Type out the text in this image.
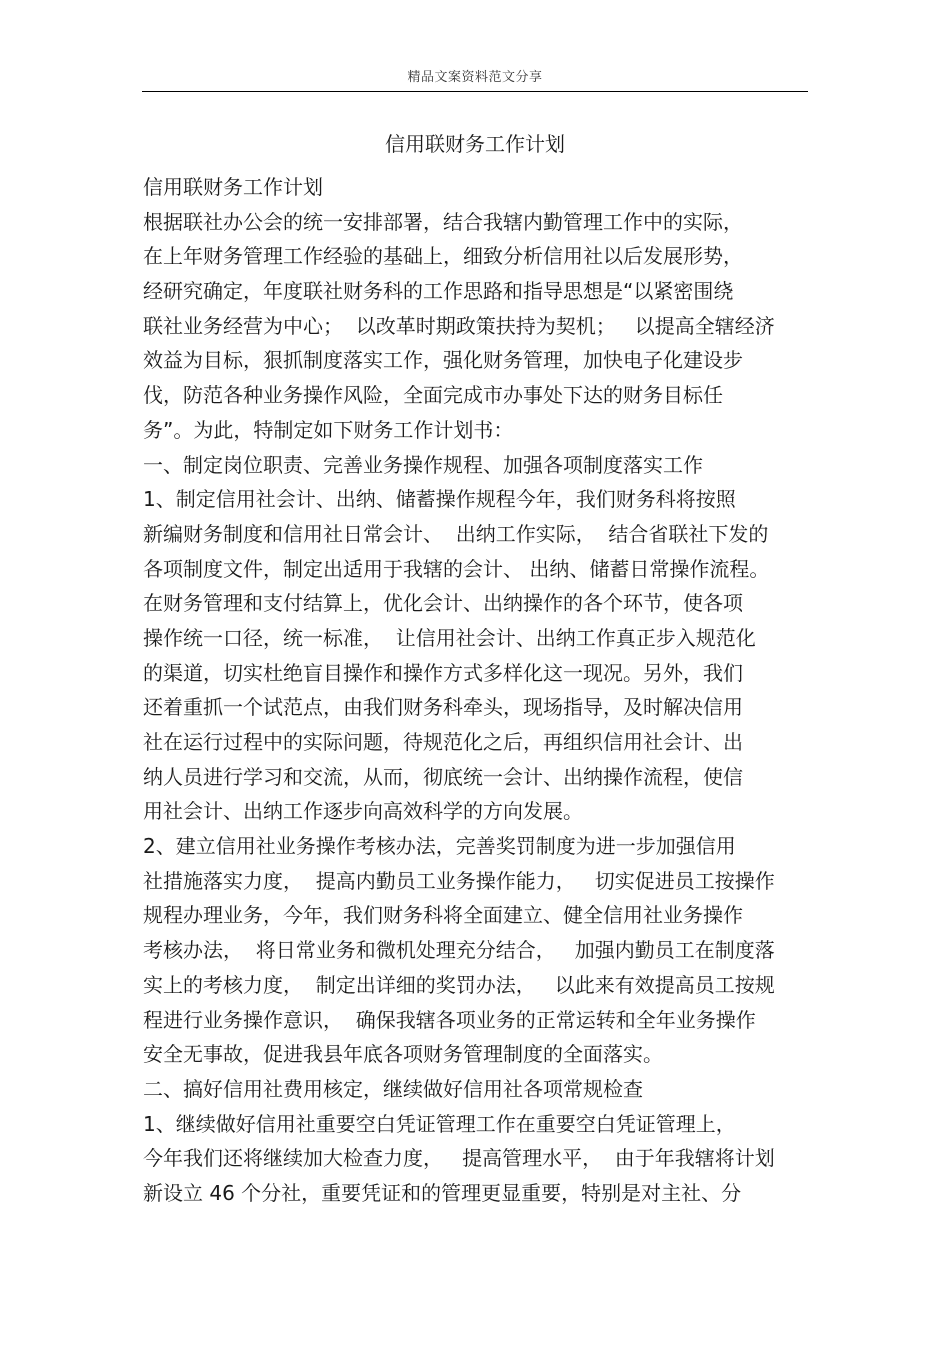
精品文案资料范文分享
信用联财务工作计划
信用联财务工作计划
根据联社办公会的统一安排部署，结合我辖内勤管理工作中的实际，
在上年财务管理工作经验的基础上，细致分析信用社以后发展形势，
经研究确定，年度联社财务科的工作思路和指导思想是“以紧密围绕
联社业务经营为中心；  以改革时期政策扶持为契机；   以提高全辖经济
效益为目标，狠抓制度落实工作，强化财务管理，加快电子化建设步
伐，防范各种业务操作风险，全面完成市办事处下达的财务目标任
务”。为此，特制定如下财务工作计划书：
一、制定岗位职责、完善业务操作规程、加强各项制度落实工作
1、制定信用社会计、出纳、储蓄操作规程今年，我们财务科将按照
新编财务制度和信用社日常会计、  出纳工作实际，  结合省联社下发的
各项制度文件，制定出适用于我辖的会计、 出纳、储蓄日常操作流程。
在财务管理和支付结算上，优化会计、出纳操作的各个环节，使各项
操作统一口径，统一标准，  让信用社会计、出纳工作真正步入规范化
的渠道，切实杜绝盲目操作和操作方式多样化这一现况。另外，我们
还着重抓一个试范点，由我们财务科牵头，现场指导，及时解决信用
社在运行过程中的实际问题，待规范化之后，再组织信用社会计、出
纳人员进行学习和交流，从而，彻底统一会计、出纳操作流程，使信
用社会计、出纳工作逐步向高效科学的方向发展。
2、建立信用社业务操作考核办法，完善奖罚制度为进一步加强信用
社措施落实力度，  提高内勤员工业务操作能力，   切实促进员工按操作
规程办理业务，今年，我们财务科将全面建立、健全信用社业务操作
考核办法，  将日常业务和微机处理充分结合，   加强内勤员工在制度落
实上的考核力度，  制定出详细的奖罚办法，   以此来有效提高员工按规
程进行业务操作意识，  确保我辖各项业务的正常运转和全年业务操作
安全无事故，促进我县年底各项财务管理制度的全面落实。
二、搞好信用社费用核定，继续做好信用社各项常规检查
1、继续做好信用社重要空白凭证管理工作在重要空白凭证管理上，
今年我们还将继续加大检查力度，   提高管理水平，  由于年我辖将计划
新设立 46 个分社，重要凭证和的管理更显重要，特别是对主社、分
